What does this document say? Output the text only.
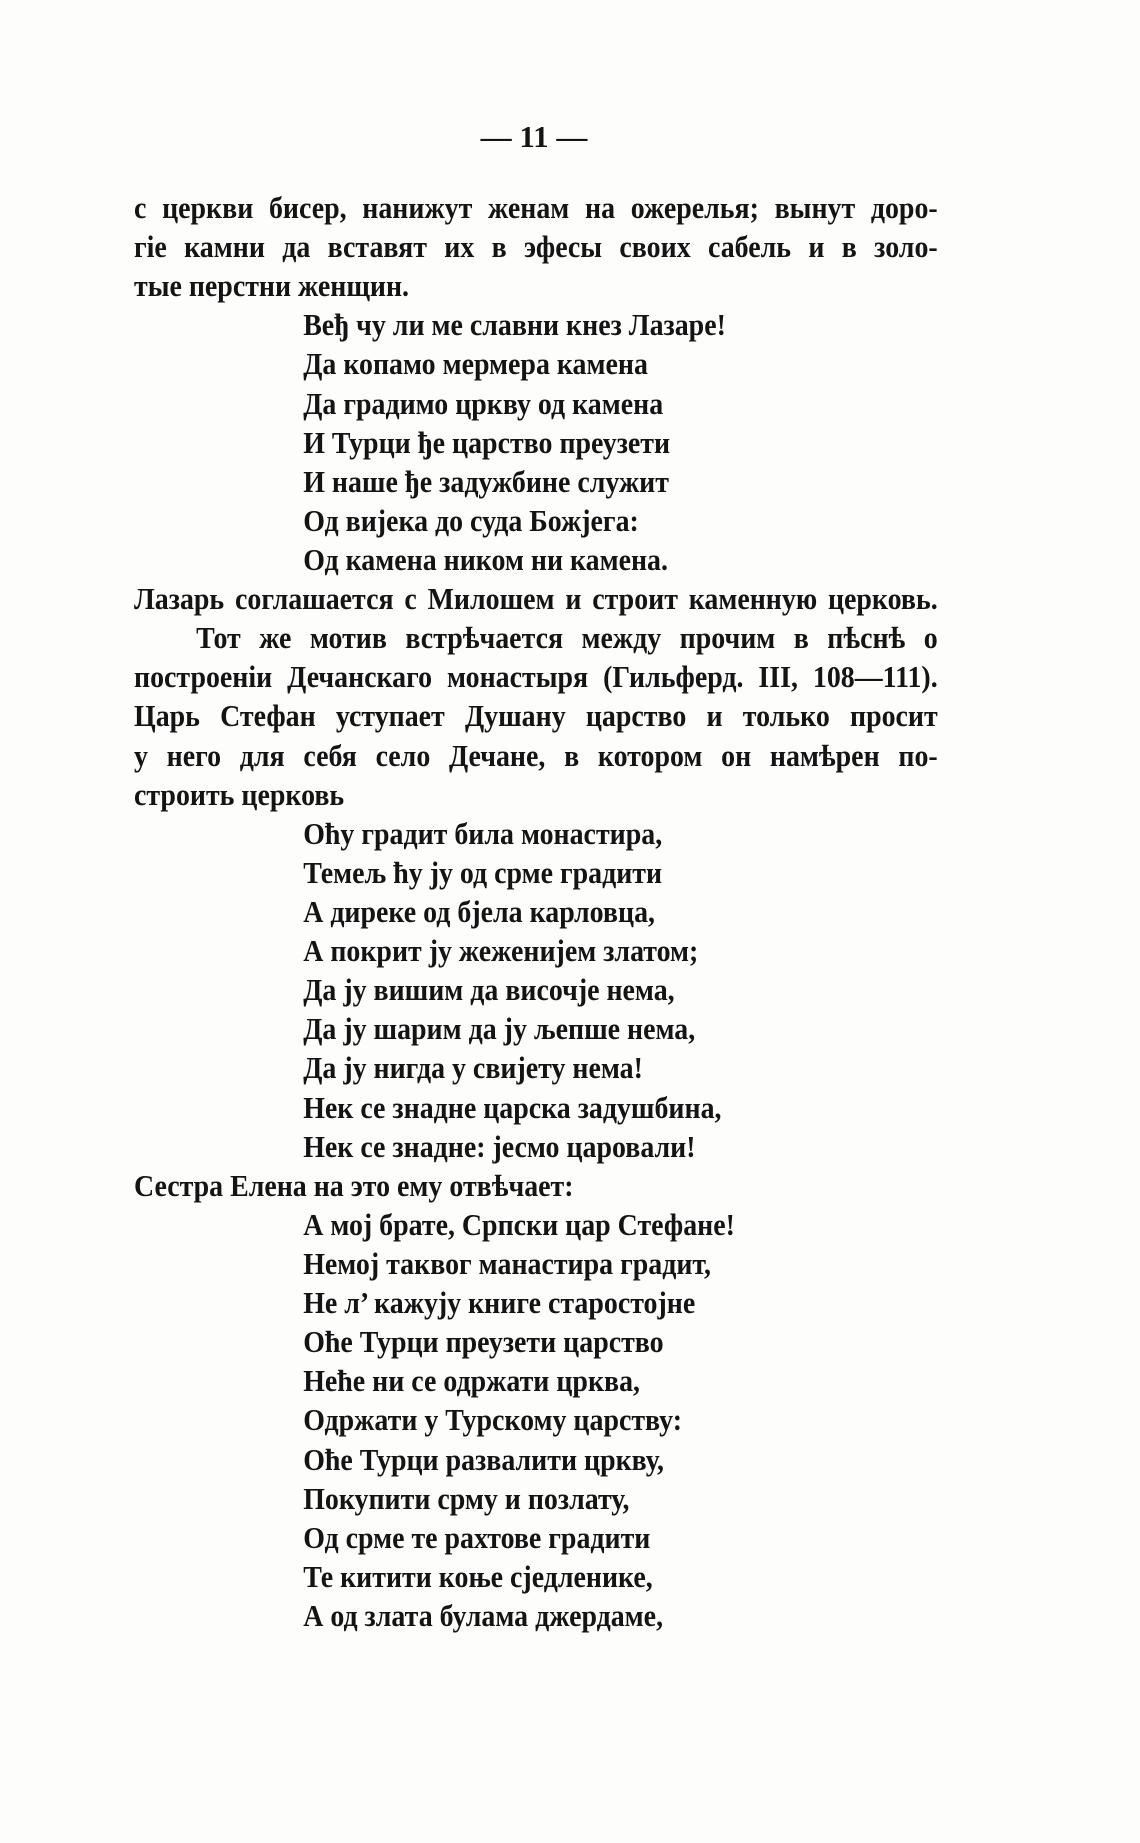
— 11 —
с церкви бисер, нанижут женам на ожерелья; вынут доро-
гіе камни да вставят их в эфесы своих сабель и в золо-
тые перстни женщин.
Веђ чу ли ме славни кнез Лазаре!
Да копамо мермера камена
Да градимо цркву од камена
И Турци ђе царство преузети
И наше ђе задужбине служит
Од вијека до суда Божјега:
Од камена ником ни камена.
Лазарь соглашается с Милошем и строит каменную церковь.
Тот же мотив встрѣчается между прочим в пѣснѣ о
построеніи Дечанскаго монастыря (Гильферд. III, 108—111).
Царь Стефан уступает Душану царство и только просит
у него для себя село Дечане, в котором он намѣрен по-
строить церковь
Оћу градит била монастира,
Темељ ћу ју од срме градити
А диреке од бјела карловца,
А покрит ју жеженијем златом;
Да ју вишим да височје нема,
Да ју шарим да ју љепше нема,
Да ју нигда у свијету нема!
Нек се знадне царска задушбина,
Нек се знадне: јесмо царовали!
Сестра Елена на это ему отвѣчает:
А мој брате, Српски цар Стефане!
Немој таквог манастира градит,
Не л’ кажују книге старостојне
Оће Турци преузети царство
Неће ни се одржати црква,
Одржати у Турскому царству:
Оће Турци развалити цркву,
Покупити срму и позлату,
Од срме те рахтове градити
Те китити коње сједленике,
А од злата булама джердаме,
